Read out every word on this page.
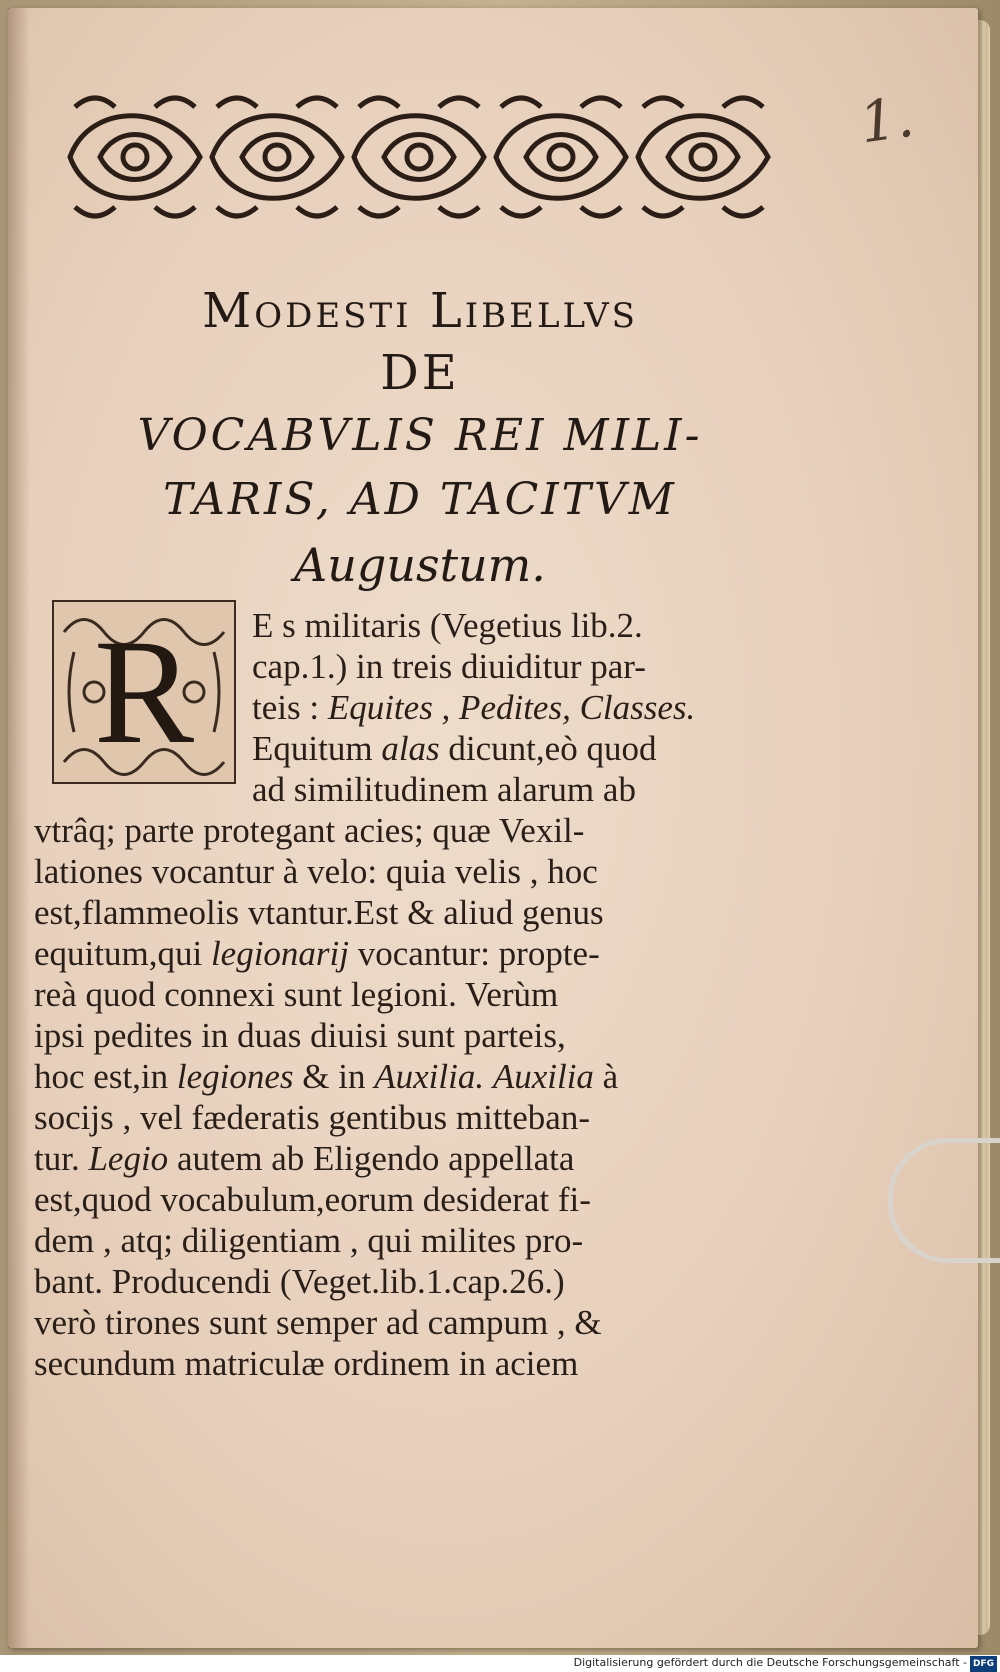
1.
Modesti Libellvs
DE
VOCABVLIS REI MILI-
TARIS, AD TACITVM
Augustum.
R	E s militaris (Vegetius lib.2.
cap.1.) in treis diuiditur par-
teis : Equites , Pedites, Classes.
Equitum alas dicunt,eò quod
ad similitudinem alarum ab
vtrâq; parte protegant acies; quæ Vexil-
lationes vocantur à velo: quia velis , hoc
est,flammeolis vtantur.Est & aliud genus
equitum,qui legionarij vocantur: propte-
reà quod connexi sunt legioni. Verùm
ipsi pedites in duas diuisi sunt parteis,
hoc est,in legiones & in Auxilia. Auxilia à
socijs , vel fæderatis gentibus mitteban-
tur. Legio autem ab Eligendo appellata
est,quod vocabulum,eorum desiderat fi-
dem , atq; diligentiam , qui milites pro-
bant. Producendi (Veget.lib.1.cap.26.)
verò tirones sunt semper ad campum , &
secundum matriculæ ordinem in aciem
Digitalisierung gefördert durch die Deutsche Forschungsgemeinschaft - DFG
